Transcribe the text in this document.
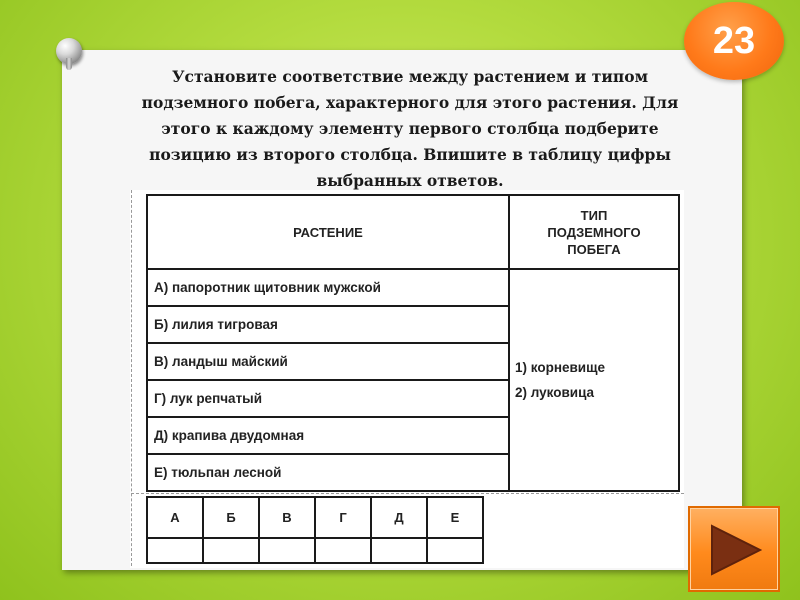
23

Установите соответствие между растением и типом
подземного побега, характерного для этого растения. Для
этого к каждому элементу первого столбца подберите
позицию из второго столбца. Впишите в таблицу цифры
выбранных ответов.

РАСТЕНИЕ	ТИП
ПОДЗЕМНОГО
ПОБЕГА
А) папоротник щитовник мужской	1) корневище
2) луковица
Б) лилия тигровая	
В) ландыш майский	
Г) лук репчатый	
Д) крапива двудомная	
Е) тюльпан лесной	
А	Б	В	Г	Д	Е
